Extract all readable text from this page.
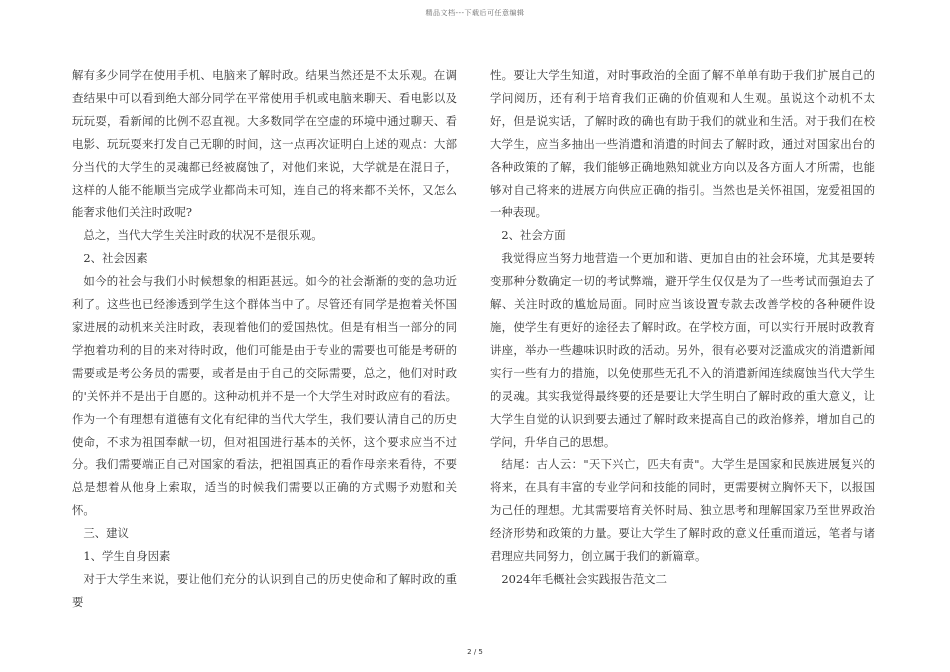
精品文档---下载后可任意编辑

解有多少同学在使用手机、电脑来了解时政。结果当然还是不太乐观。在调查结果中可以看到绝大部分同学在平常使用手机或电脑来聊天、看电影以及玩玩耍，看新闻的比例不忍直视。大多数同学在空虚的环境中通过聊天、看电影、玩玩耍来打发自己无聊的时间，这一点再次证明白上述的观点：大部分当代的大学生的灵魂都已经被腐蚀了，对他们来说，大学就是在混日子，这样的人能不能顺当完成学业都尚未可知，连自己的将来都不关怀，又怎么能奢求他们关注时政呢?

总之，当代大学生关注时政的状况不是很乐观。

2、社会因素

如今的社会与我们小时候想象的相距甚远。如今的社会渐渐的变的急功近利了。这些也已经渗透到学生这个群体当中了。尽管还有同学是抱着关怀国家进展的动机来关注时政，表现着他们的爱国热忱。但是有相当一部分的同学抱着功利的目的来对待时政，他们可能是由于专业的需要也可能是考研的需要或是考公务员的需要，或者是由于自己的交际需要，总之，他们对时政的'关怀并不是出于自愿的。这种动机并不是一个大学生对时政应有的看法。作为一个有理想有道德有文化有纪律的当代大学生，我们要认清自己的历史使命，不求为祖国奉献一切，但对祖国进行基本的关怀，这个要求应当不过分。我们需要端正自己对国家的看法，把祖国真正的看作母亲来看待，不要总是想着从他身上索取，适当的时候我们需要以正确的方式赐予劝慰和关怀。

三、建议

1、学生自身因素

对于大学生来说，要让他们充分的认识到自己的历史使命和了解时政的重要

性。要让大学生知道，对时事政治的全面了解不单单有助于我们扩展自己的学问阅历，还有利于培育我们正确的价值观和人生观。虽说这个动机不太好，但是说实话，了解时政的确也有助于我们的就业和生活。对于我们在校大学生，应当多抽出一些消遣和消遣的时间去了解时政，通过对国家出台的各种政策的了解，我们能够正确地熟知就业方向以及各方面人才所需，也能够对自己将来的进展方向供应正确的指引。当然也是关怀祖国，宠爱祖国的一种表现。

2、社会方面

我觉得应当努力地营造一个更加和谐、更加自由的社会环境，尤其是要转变那种分数确定一切的考试弊端，避开学生仅仅是为了一些考试而强迫去了解、关注时政的尴尬局面。同时应当该设置专款去改善学校的各种硬件设施，使学生有更好的途径去了解时政。在学校方面，可以实行开展时政教育讲座，举办一些趣味识时政的活动。另外，很有必要对泛滥成灾的消遣新闻实行一些有力的措施，以免使那些无孔不入的消遣新闻连续腐蚀当代大学生的灵魂。其实我觉得最终要的还是要让大学生明白了解时政的重大意义，让大学生自觉的认识到要去通过了解时政来提高自己的政治修养，增加自己的学问，升华自己的思想。

结尾：古人云："天下兴亡，匹夫有责"。大学生是国家和民族进展复兴的将来，在具有丰富的专业学问和技能的同时，更需要树立胸怀天下，以报国为己任的理想。尤其需要培育关怀时局、独立思考和理解国家乃至世界政治经济形势和政策的力量。要让大学生了解时政的意义任重而道远，笔者与诸君理应共同努力，创立属于我们的新篇章。

2024年毛概社会实践报告范文二

2 / 5
